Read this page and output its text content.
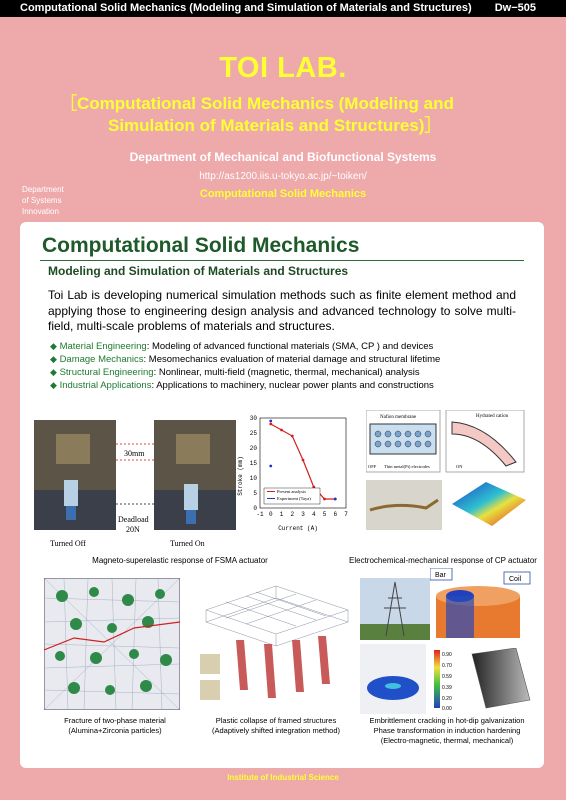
Computational Solid Mechanics (Modeling and Simulation of Materials and Structures) Dw−505
TOI LAB.
［Computational Solid Mechanics (Modeling and
Simulation of Materials and Structures)］
Department of Mechanical and Biofunctional Systems
http://as1200.iis.u-tokyo.ac.jp/~toiken/
Computational Solid Mechanics
Department
of Systems
Innovation
Computational Solid Mechanics
Modeling and Simulation of Materials and Structures
Toi Lab is developing numerical simulation methods such as finite element method and applying those to engineering design analysis and advanced technology to solve multi-field, multi-scale problems of materials and structures.
◆ Material Engineering: Modeling of advanced functional materials (SMA, CP ) and devices
◆ Damage Mechanics: Mesomechanics evaluation of material damage and structural lifetime
◆ Structural Engineering: Nonlinear, multi-field (magnetic, thermal, mechanical) analysis
◆ Industrial Applications: Applications to machinery, nuclear power plants and constructions
30mm
Deadload
20N
Turned Off	Turned On
Stroke (mm)
Current (A)
0
5
10
15
20
25
30
-1 0 1 2 3 4 5 6 7
Present analysis
Experiment (Taya)
Nafion membrane
OFF Thin metal(Pt) electrodes
Hydrated cation
ON
Magneto-superelastic response of FSMA actuator	Electrochemical-mechanical response of CP actuator
Bar
Coil
0.90
0.70
0.59
0.39
0.20
0.00
Fracture of two-phase material
(Alumina+Zirconia particles)
Plastic collapse of framed structures
(Adaptively shifted integration method)
Embrittlement cracking in hot-dip galvanization
Phase transformation in induction hardening
(Electro-magnetic, thermal, mechanical)
Institute of Industrial Science
